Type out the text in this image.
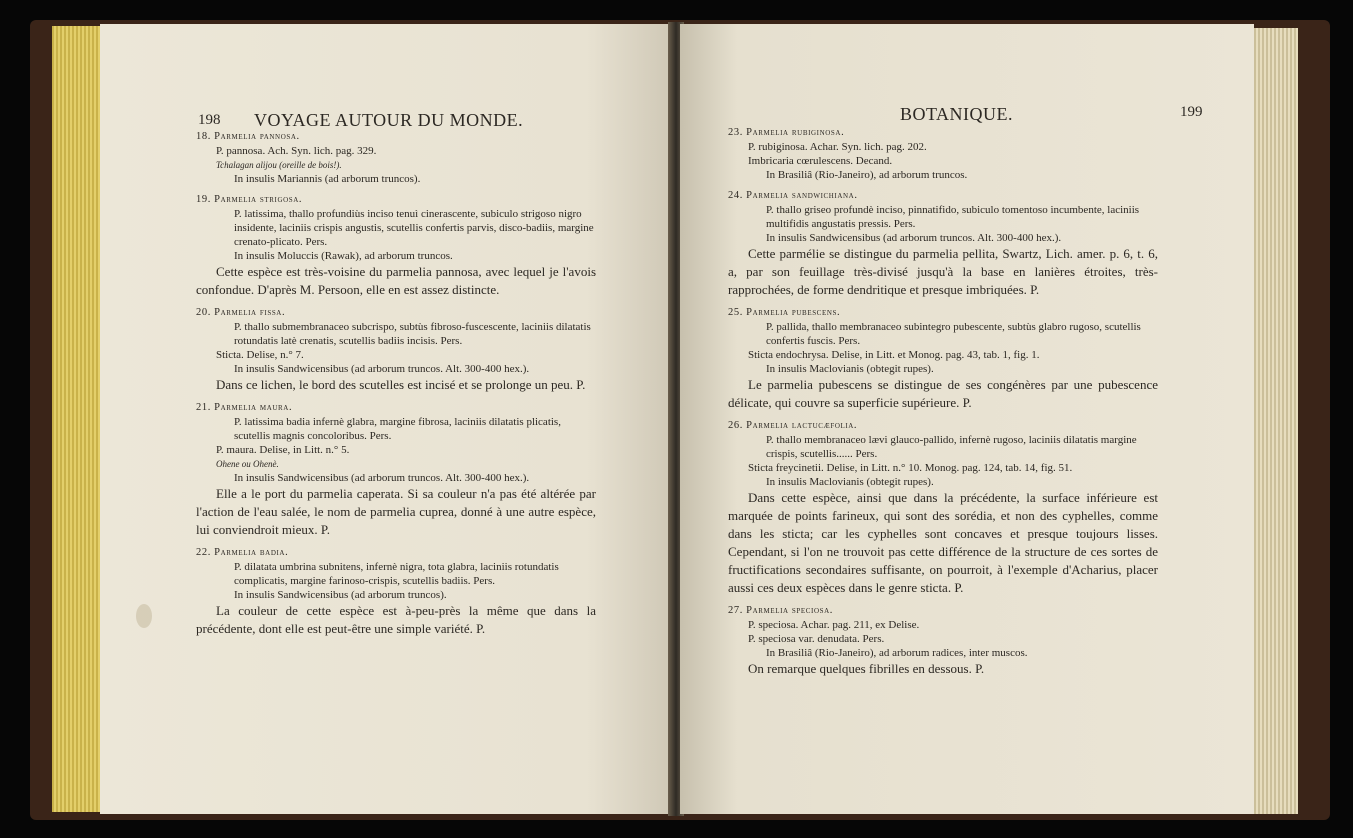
198 VOYAGE AUTOUR DU MONDE.

18. Parmelia pannosa.

P. pannosa. Ach. Syn. lich. pag. 329.

Tchalagan alijou (oreille de bois!).

In insulis Mariannis (ad arborum truncos).

19. Parmelia strigosa.

P. latissima, thallo profundiùs inciso tenuì cinerascente, subiculo strigoso nigro insidente, laciniis crispis angustis, scutellis confertis parvis, disco-badiis, margine crenato-plicato. Pers.

In insulis Moluccis (Rawak), ad arborum truncos.

Cette espèce est très-voisine du parmelia pannosa, avec lequel je l'avois confondue. D'après M. Persoon, elle en est assez distincte.

20. Parmelia fissa.

P. thallo submembranaceo subcrispo, subtùs fibroso-fuscescente, laciniis dilatatis rotundatis latè crenatis, scutellis badiis incisis. Pers.

Sticta. Delise, n.° 7.

In insulis Sandwicensibus (ad arborum truncos. Alt. 300-400 hex.).

Dans ce lichen, le bord des scutelles est incisé et se prolonge un peu. P.

21. Parmelia maura.

P. latissima badia infernè glabra, margine fibrosa, laciniis dilatatis plicatis, scutellis magnis concoloribus. Pers.

P. maura. Delise, in Litt. n.° 5.

Ohene ou Ohenè.

In insulis Sandwicensibus (ad arborum truncos. Alt. 300-400 hex.).

Elle a le port du parmelia caperata. Si sa couleur n'a pas été altérée par l'action de l'eau salée, le nom de parmelia cuprea, donné à une autre espèce, lui conviendroit mieux. P.

22. Parmelia badia.

P. dilatata umbrina subnitens, infernè nigra, tota glabra, laciniis rotundatis complicatis, margine farinoso-crispis, scutellis badiis. Pers.

In insulis Sandwicensibus (ad arborum truncos).

La couleur de cette espèce est à-peu-près la même que dans la précédente, dont elle est peut-être une simple variété. P.

BOTANIQUE.	199

23. Parmelia rubiginosa.

P. rubiginosa. Achar. Syn. lich. pag. 202.

Imbricaria cœrulescens. Decand.

In Brasiliâ (Rio-Janeiro), ad arborum truncos.

24. Parmelia sandwichiana.

P. thallo griseo profundè inciso, pinnatifido, subiculo tomentoso incumbente, laciniis multifidis angustatis pressis. Pers.

In insulis Sandwicensibus (ad arborum truncos. Alt. 300-400 hex.).

Cette parmélie se distingue du parmelia pellita, Swartz, Lich. amer. p. 6, t. 6, a, par son feuillage très-divisé jusqu'à la base en lanières étroites, très-rapprochées, de forme dendritique et presque imbriquées. P.

25. Parmelia pubescens.

P. pallida, thallo membranaceo subintegro pubescente, subtùs glabro rugoso, scutellis confertis fuscis. Pers.

Sticta endochrysa. Delise, in Litt. et Monog. pag. 43, tab. 1, fig. 1.

In insulis Maclovianis (obtegit rupes).

Le parmelia pubescens se distingue de ses congénères par une pubescence délicate, qui couvre sa superficie supérieure. P.

26. Parmelia lactucæfolia.

P. thallo membranaceo lævi glauco-pallido, infernè rugoso, laciniis dilatatis margine crispis, scutellis...... Pers.

Sticta freycinetii. Delise, in Litt. n.° 10. Monog. pag. 124, tab. 14, fig. 51.

In insulis Maclovianis (obtegit rupes).

Dans cette espèce, ainsi que dans la précédente, la surface inférieure est marquée de points farineux, qui sont des sorédia, et non des cyphelles, comme dans les sticta; car les cyphelles sont concaves et presque toujours lisses. Cependant, si l'on ne trouvoit pas cette différence de la structure de ces sortes de fructifications secondaires suffisante, on pourroit, à l'exemple d'Acharius, placer aussi ces deux espèces dans le genre sticta. P.

27. Parmelia speciosa.

P. speciosa. Achar. pag. 211, ex Delise.

P. speciosa var. denudata. Pers.

In Brasiliâ (Rio-Janeiro), ad arborum radices, inter muscos.

On remarque quelques fibrilles en dessous. P.
